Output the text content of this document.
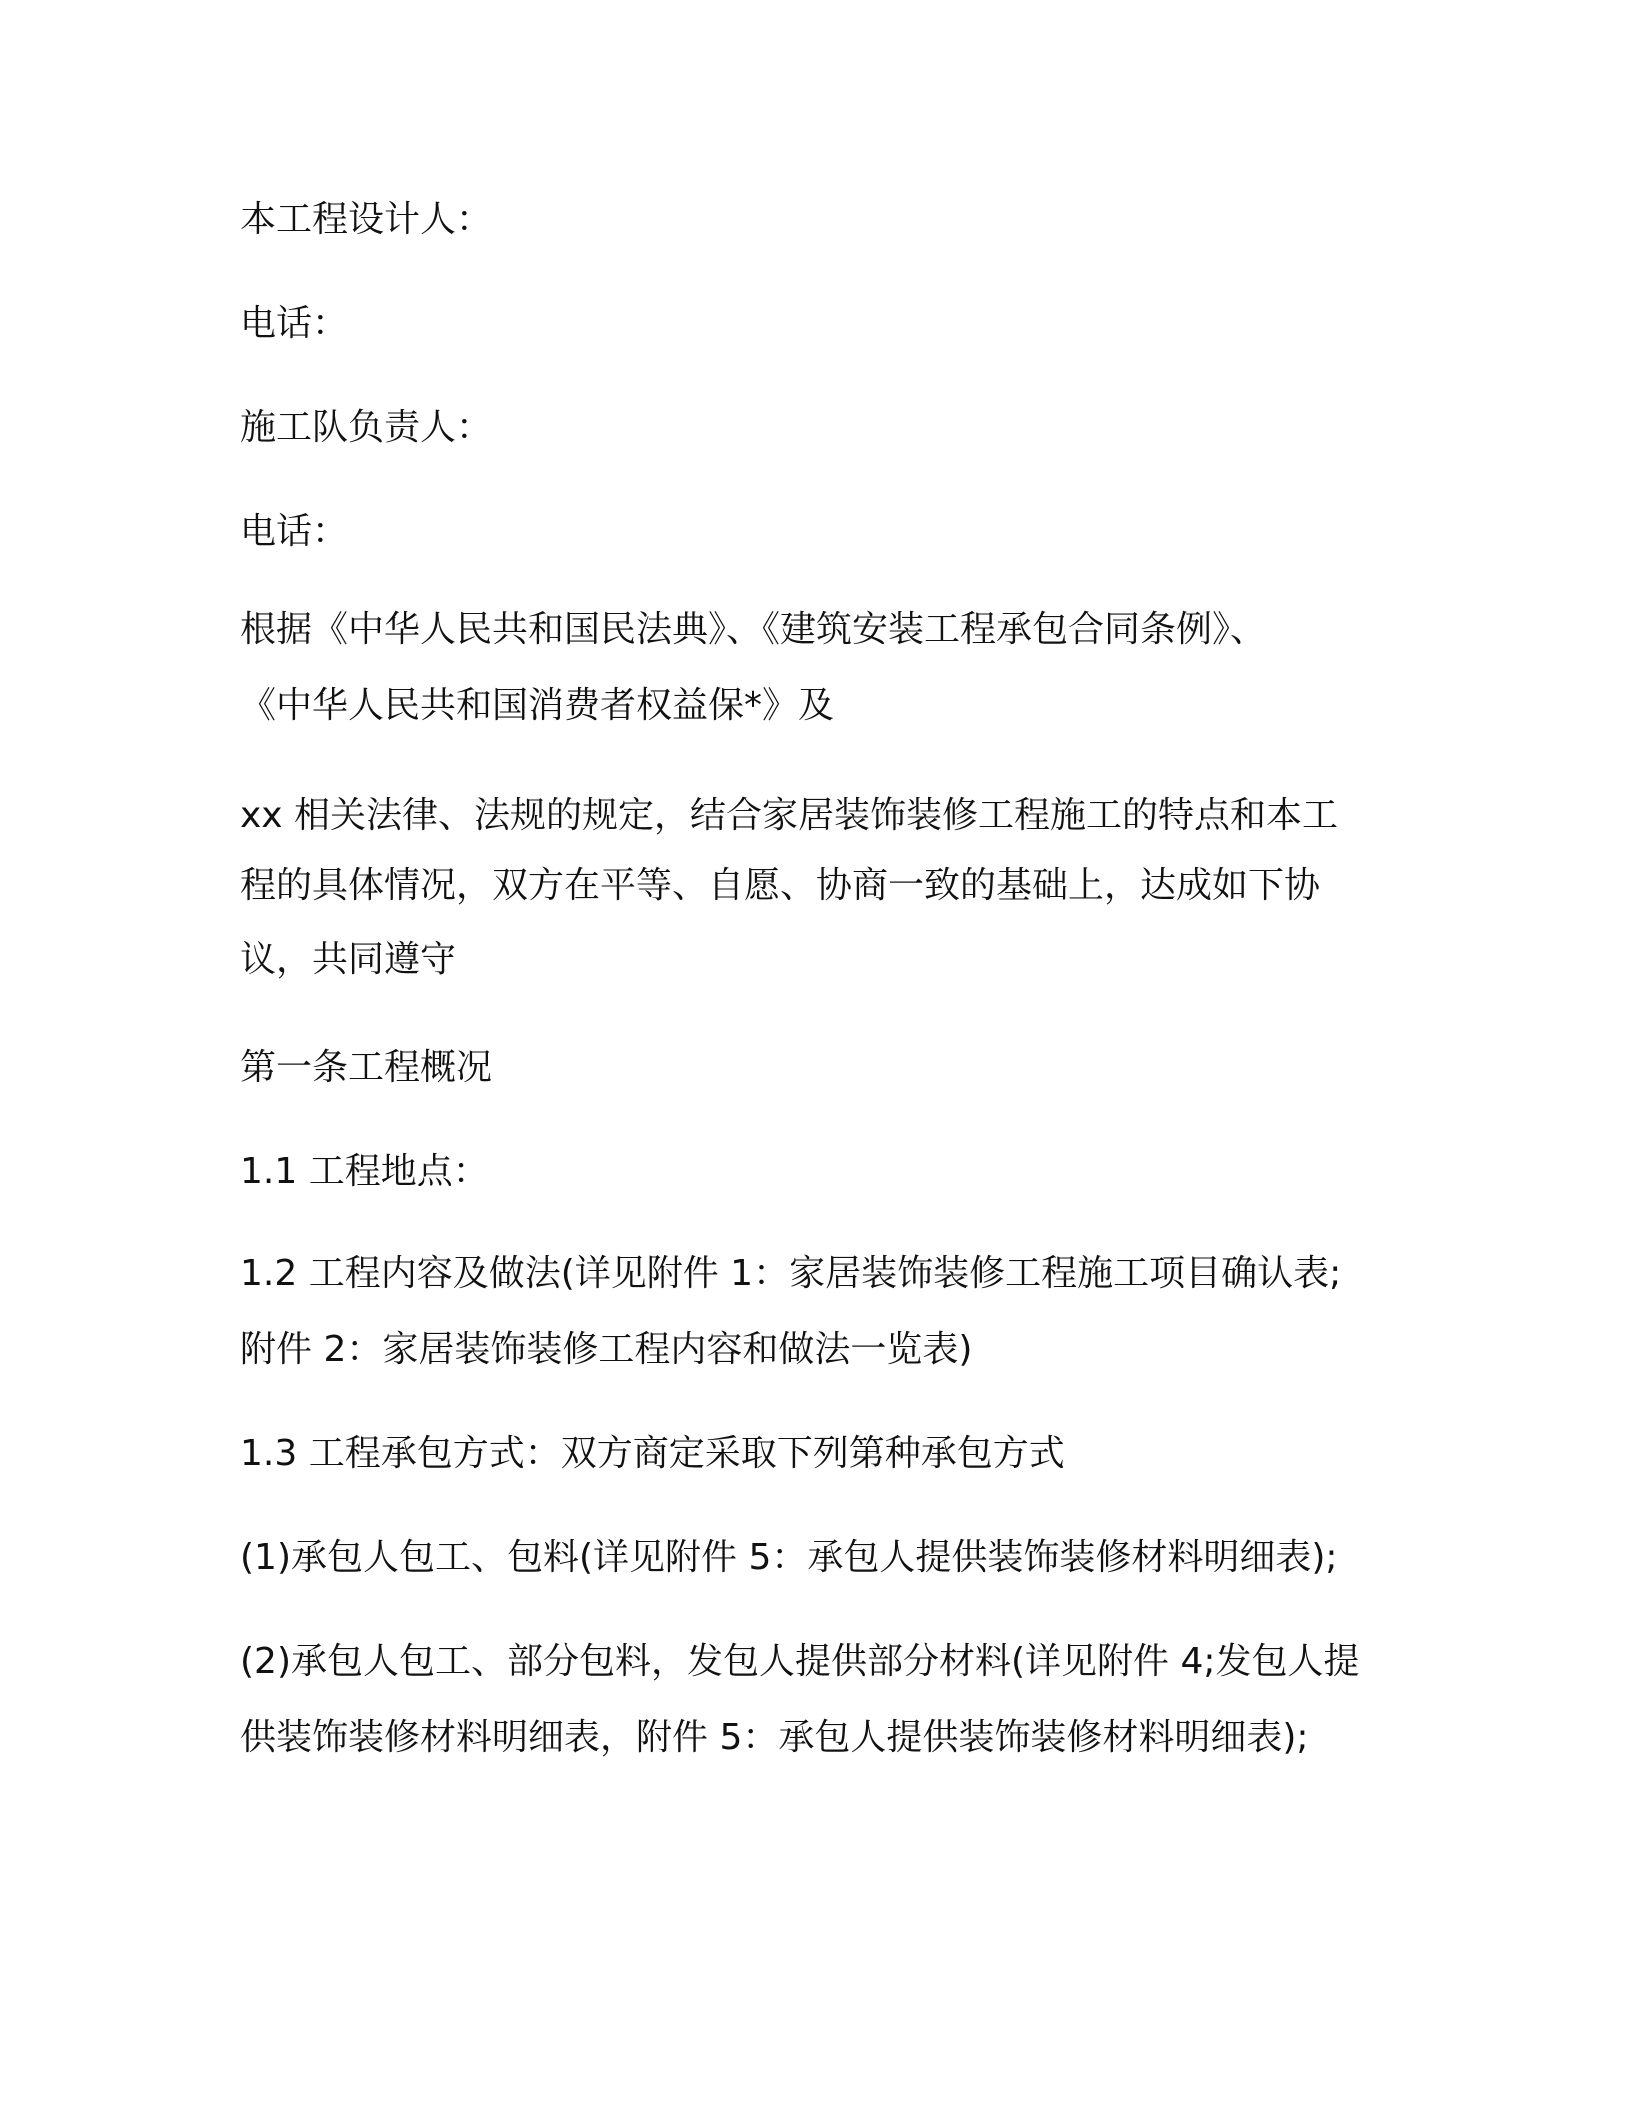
本工程设计人：
电话：
施工队负责人：
电话：
根据《中华人民共和国民法典》、《建筑安装工程承包合同条例》、
《中华人民共和国消费者权益保*》及
xx 相关法律、法规的规定，结合家居装饰装修工程施工的特点和本工
程的具体情况，双方在平等、自愿、协商一致的基础上，达成如下协
议，共同遵守
第一条工程概况
1.1 工程地点：
1.2 工程内容及做法(详见附件 1：家居装饰装修工程施工项目确认表;
附件 2：家居装饰装修工程内容和做法一览表)
1.3 工程承包方式：双方商定采取下列第种承包方式
(1)承包人包工、包料(详见附件 5：承包人提供装饰装修材料明细表);
(2)承包人包工、部分包料，发包人提供部分材料(详见附件 4;发包人提
供装饰装修材料明细表，附件 5：承包人提供装饰装修材料明细表);
